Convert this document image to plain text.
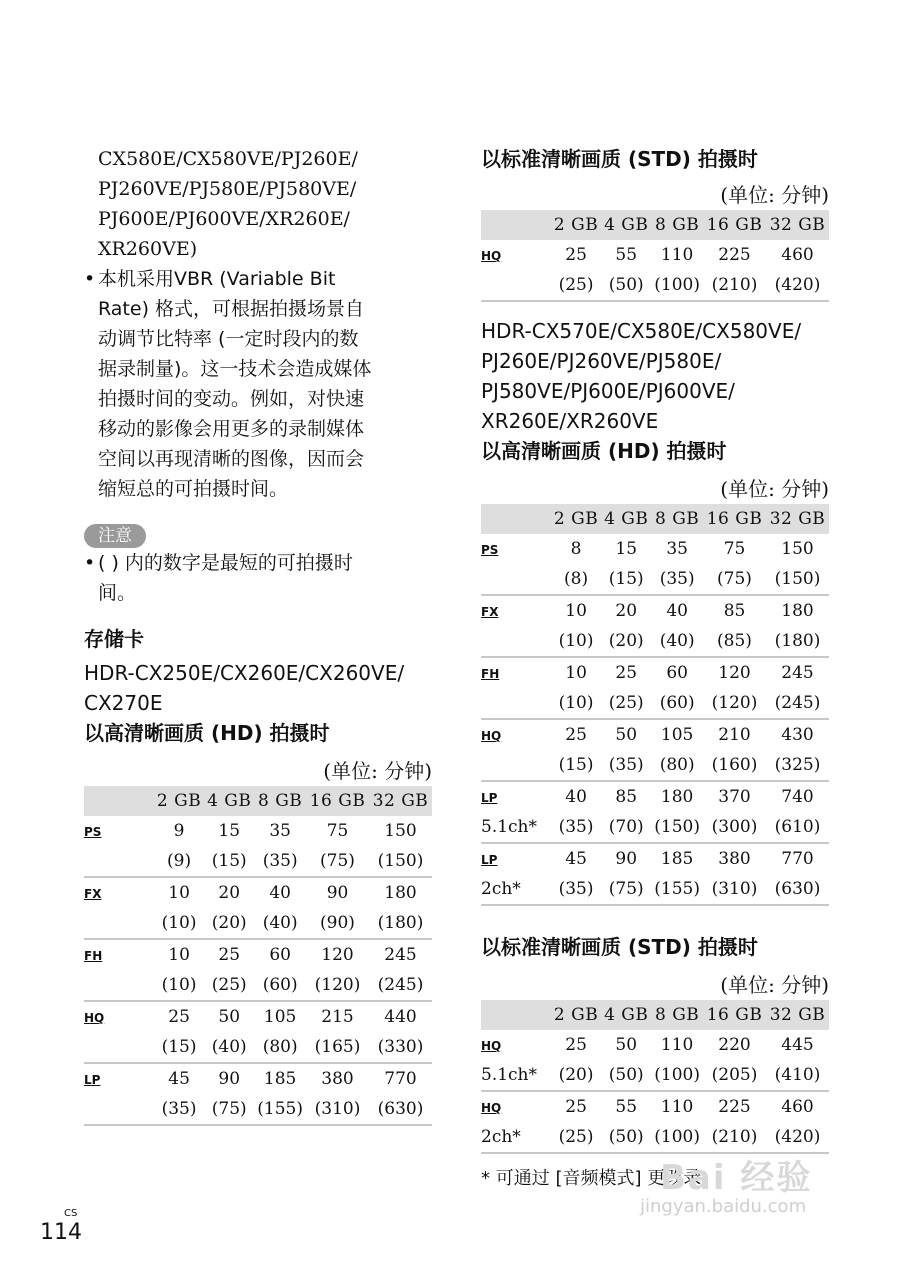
CX580E/CX580VE/PJ260E/
PJ260VE/PJ580E/PJ580VE/
PJ600E/PJ600VE/XR260E/
XR260VE)
• 本机采用VBR (Variable Bit
Rate) 格式，可根据拍摄场景自
动调节比特率 (一定时段内的数
据录制量)。这一技术会造成媒体
拍摄时间的变动。例如，对快速
移动的影像会用更多的录制媒体
空间以再现清晰的图像，因而会
缩短总的可拍摄时间。
注意
• ( ) 内的数字是最短的可拍摄时
间。
存储卡
HDR-CX250E/CX260E/CX260VE/
CX270E
以高清晰画质 (HD) 拍摄时
(单位: 分钟)
	2 GB	4 GB	8 GB	16 GB	32 GB
PS	9	15	35	75	150
	(9)	(15)	(35)	(75)	(150)
FX	10	20	40	90	180
	(10)	(20)	(40)	(90)	(180)
FH	10	25	60	120	245
	(10)	(25)	(60)	(120)	(245)
HQ	25	50	105	215	440
	(15)	(40)	(80)	(165)	(330)
LP	45	90	185	380	770
	(35)	(75)	(155)	(310)	(630)
以标准清晰画质 (STD) 拍摄时
(单位: 分钟)
	2 GB	4 GB	8 GB	16 GB	32 GB
HQ	25	55	110	225	460
	(25)	(50)	(100)	(210)	(420)
HDR-CX570E/CX580E/CX580VE/
PJ260E/PJ260VE/PJ580E/
PJ580VE/PJ600E/PJ600VE/
XR260E/XR260VE
以高清晰画质 (HD) 拍摄时
(单位: 分钟)
	2 GB	4 GB	8 GB	16 GB	32 GB
PS	8	15	35	75	150
	(8)	(15)	(35)	(75)	(150)
FX	10	20	40	85	180
	(10)	(20)	(40)	(85)	(180)
FH	10	25	60	120	245
	(10)	(25)	(60)	(120)	(245)
HQ	25	50	105	210	430
	(15)	(35)	(80)	(160)	(325)
LP	40	85	180	370	740
5.1ch*	(35)	(70)	(150)	(300)	(610)
LP	45	90	185	380	770
2ch*	(35)	(75)	(155)	(310)	(630)
以标准清晰画质 (STD) 拍摄时
(单位: 分钟)
	2 GB	4 GB	8 GB	16 GB	32 GB
HQ	25	50	110	220	445
5.1ch*	(20)	(50)	(100)	(205)	(410)
HQ	25	55	110	225	460
2ch*	(25)	(50)	(100)	(210)	(420)
* 可通过 [音频模式] 更改录
CS
114
Bai 经验
jingyan.baidu.com
